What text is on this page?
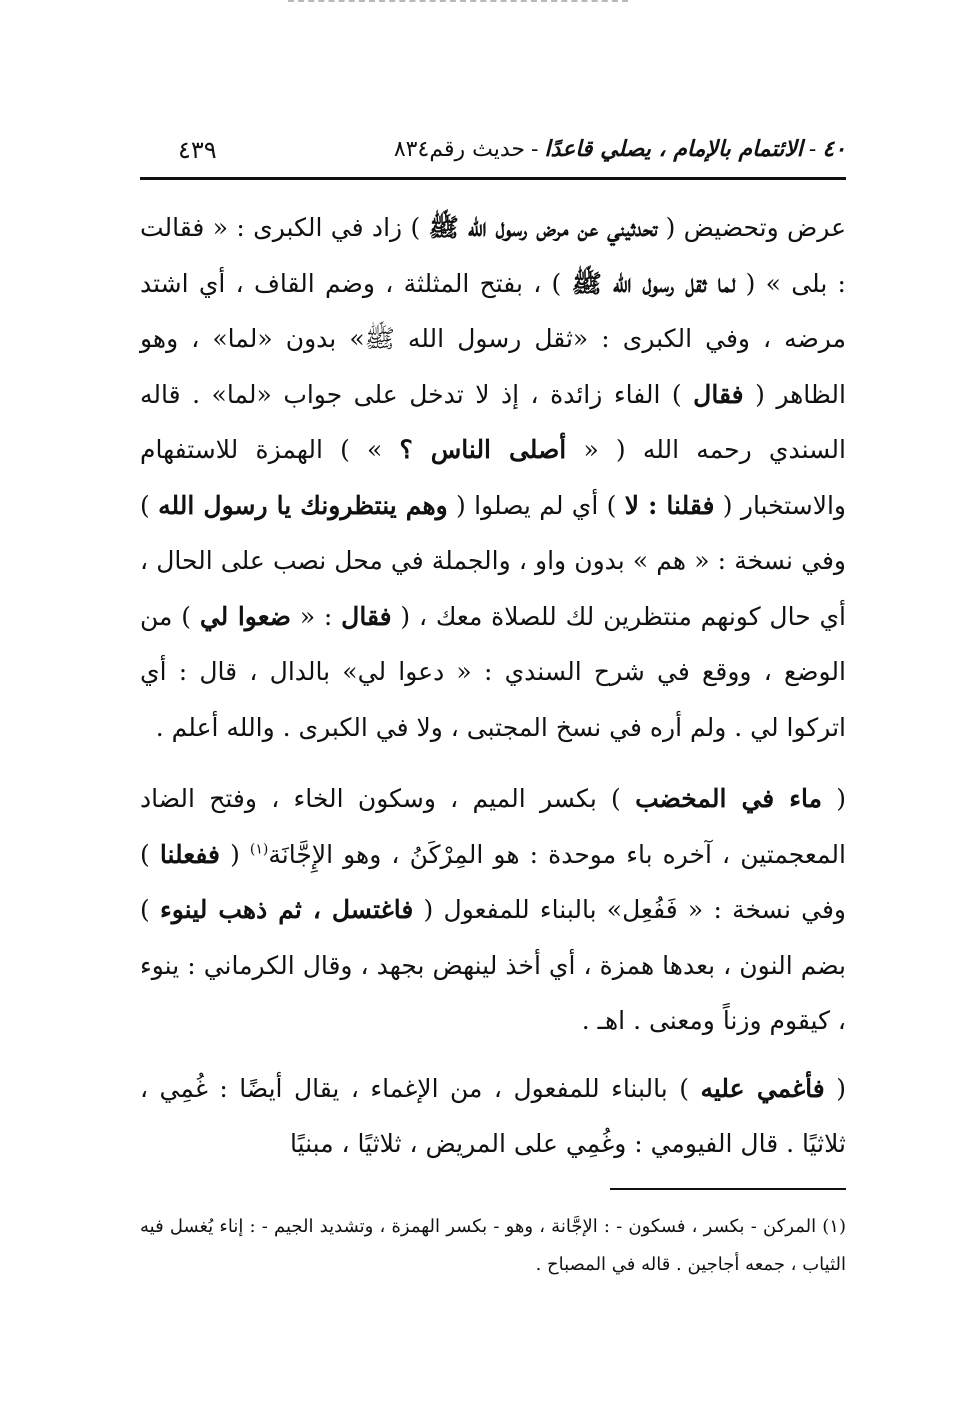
٤٠-الائتمام بالإمام ، يصلي قاعدًا-حديث رقم٨٣٤
٤٣٩

عرض وتحضيض ( تحدثيني عن مرض رسول الله ﷺ ) زاد في الكبرى : « فقالت : بلى » ( لما ثقل رسول الله ﷺ ) ، بفتح المثلثة ، وضم القاف ، أي اشتد مرضه ، وفي الكبرى : «ثقل رسول الله ﷺ» بدون «لما» ، وهو الظاهر ( فقال ) الفاء زائدة ، إذ لا تدخل على جواب «لما» . قاله السندي رحمه الله ( « أصلى الناس ؟ » ) الهمزة للاستفهام والاستخبار ( فقلنا : لا ) أي لم يصلوا ( وهم ينتظرونك يا رسول الله ) وفي نسخة : « هم » بدون واو ، والجملة في محل نصب على الحال ، أي حال كونهم منتظرين لك للصلاة معك ، ( فقال : « ضعوا لي ) من الوضع ، ووقع في شرح السندي : « دعوا لي» بالدال ، قال : أي اتركوا لي . ولم أره في نسخ المجتبى ، ولا في الكبرى . والله أعلم .

( ماء في المخضب ) بكسر الميم ، وسكون الخاء ، وفتح الضاد المعجمتين ، آخره باء موحدة : هو المِرْكَنُ ، وهو الإِجَّانَة$^{(١)}$ ( ففعلنا ) وفي نسخة : « فَفُعِل» بالبناء للمفعول ( فاغتسل ، ثم ذهب لينوء ) بضم النون ، بعدها همزة ، أي أخذ لينهض بجهد ، وقال الكرماني : ينوء ، كيقوم وزناً ومعنى . اهـ .

( فأغمي عليه ) بالبناء للمفعول ، من الإغماء ، يقال أيضًا : غُمِي ، ثلاثيًا . قال الفيومي : وغُمِي على المريض ، ثلاثيًا ، مبنيًا

(١) المركن - بكسر ، فسكون - : الإجَّانة ، وهو - بكسر الهمزة ، وتشديد الجيم - : إناء يُغسل فيه الثياب ، جمعه أجاجين . قاله في المصباح .
